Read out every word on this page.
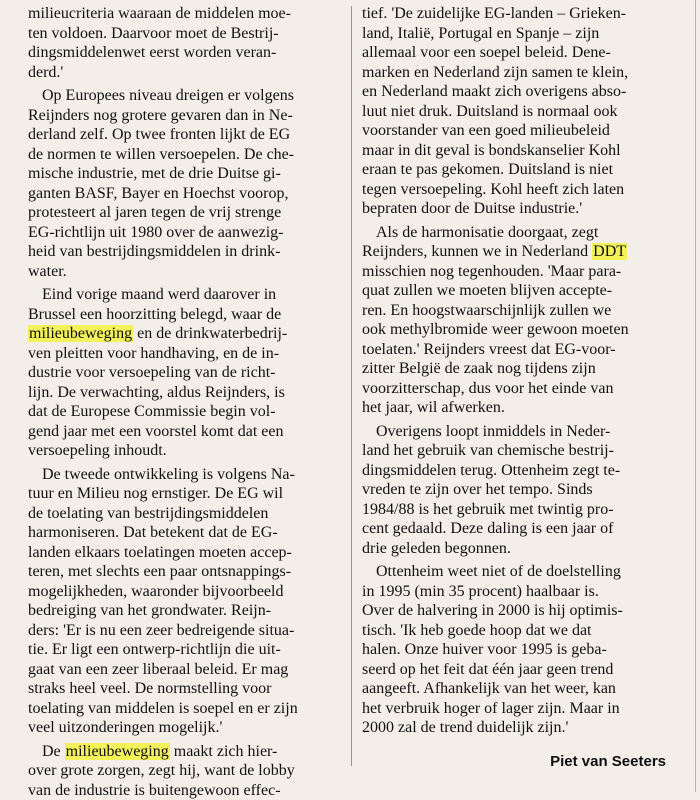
milieucriteria waaraan de middelen moe-
ten voldoen. Daarvoor moet de Bestrij-
dingsmiddelenwet eerst worden veran-
derd.'
Op Europees niveau dreigen er volgens
Reijnders nog grotere gevaren dan in Ne-
derland zelf. Op twee fronten lijkt de EG
de normen te willen versoepelen. De che-
mische industrie, met de drie Duitse gi-
ganten BASF, Bayer en Hoechst voorop,
protesteert al jaren tegen de vrij strenge
EG-richtlijn uit 1980 over de aanwezig-
heid van bestrijdingsmiddelen in drink-
water.
Eind vorige maand werd daarover in
Brussel een hoorzitting belegd, waar de
milieubeweging en de drinkwaterbedrij-
ven pleitten voor handhaving, en de in-
dustrie voor versoepeling van de richt-
lijn. De verwachting, aldus Reijnders, is
dat de Europese Commissie begin vol-
gend jaar met een voorstel komt dat een
versoepeling inhoudt.
De tweede ontwikkeling is volgens Na-
tuur en Milieu nog ernstiger. De EG wil
de toelating van bestrijdingsmiddelen
harmoniseren. Dat betekent dat de EG-
landen elkaars toelatingen moeten accep-
teren, met slechts een paar ontsnappings-
mogelijkheden, waaronder bijvoorbeeld
bedreiging van het grondwater. Reijn-
ders: 'Er is nu een zeer bedreigende situa-
tie. Er ligt een ontwerp-richtlijn die uit-
gaat van een zeer liberaal beleid. Er mag
straks heel veel. De normstelling voor
toelating van middelen is soepel en er zijn
veel uitzonderingen mogelijk.'
De milieubeweging maakt zich hier-
over grote zorgen, zegt hij, want de lobby
van de industrie is buitengewoon effec-
tief. 'De zuidelijke EG-landen – Grieken-
land, Italië, Portugal en Spanje – zijn
allemaal voor een soepel beleid. Dene-
marken en Nederland zijn samen te klein,
en Nederland maakt zich overigens abso-
luut niet druk. Duitsland is normaal ook
voorstander van een goed milieubeleid
maar in dit geval is bondskanselier Kohl
eraan te pas gekomen. Duitsland is niet
tegen versoepeling. Kohl heeft zich laten
bepraten door de Duitse industrie.'
Als de harmonisatie doorgaat, zegt
Reijnders, kunnen we in Nederland DDT
misschien nog tegenhouden. 'Maar para-
quat zullen we moeten blijven accepte-
ren. En hoogstwaarschijnlijk zullen we
ook methylbromide weer gewoon moeten
toelaten.' Reijnders vreest dat EG-voor-
zitter België de zaak nog tijdens zijn
voorzitterschap, dus voor het einde van
het jaar, wil afwerken.
Overigens loopt inmiddels in Neder-
land het gebruik van chemische bestrij-
dingsmiddelen terug. Ottenheim zegt te-
vreden te zijn over het tempo. Sinds
1984/88 is het gebruik met twintig pro-
cent gedaald. Deze daling is een jaar of
drie geleden begonnen.
Ottenheim weet niet of de doelstelling
in 1995 (min 35 procent) haalbaar is.
Over de halvering in 2000 is hij optimis-
tisch. 'Ik heb goede hoop dat we dat
halen. Onze huiver voor 1995 is geba-
seerd op het feit dat één jaar geen trend
aangeeft. Afhankelijk van het weer, kan
het verbruik hoger of lager zijn. Maar in
2000 zal de trend duidelijk zijn.'
Piet van Seeters
